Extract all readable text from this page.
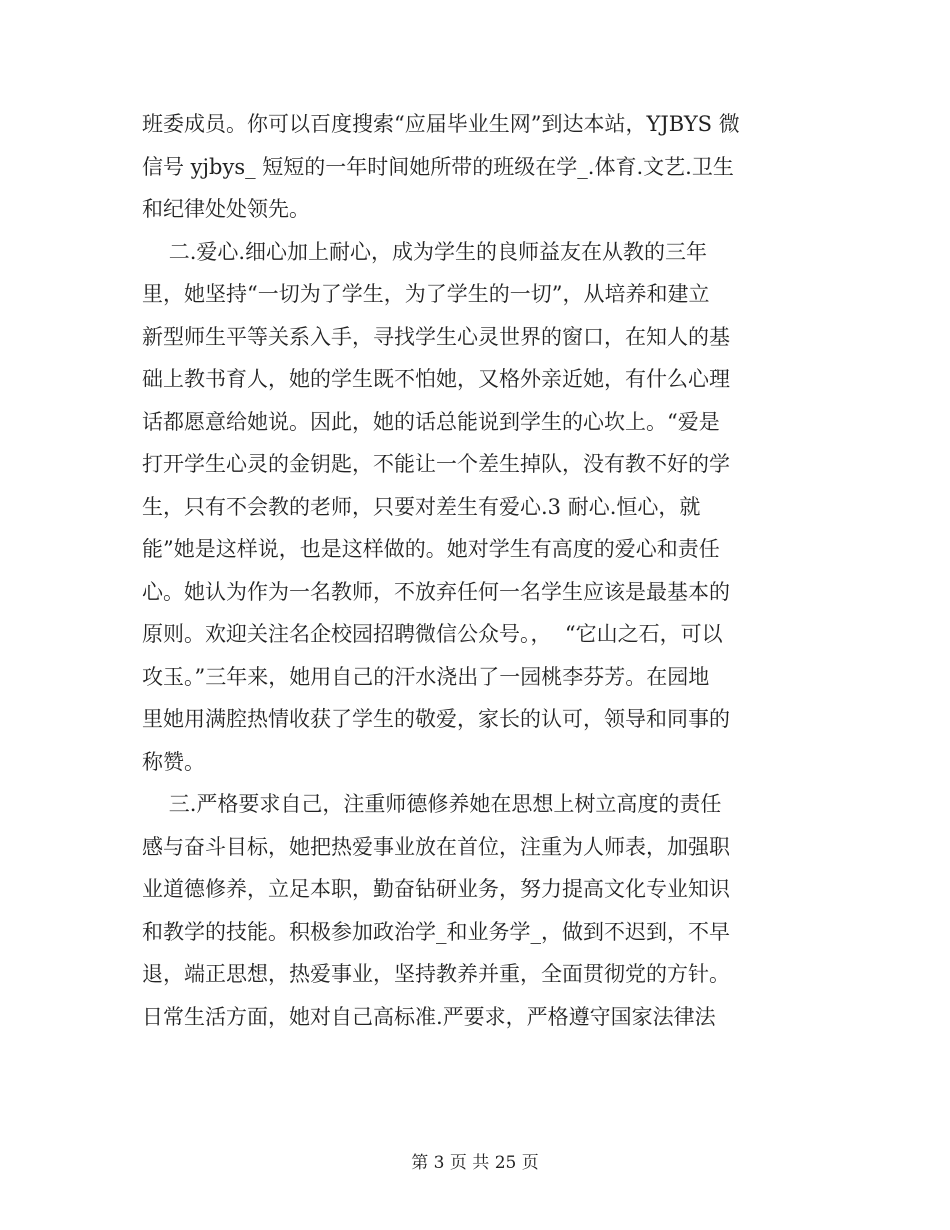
班委成员。你可以百度搜索“应届毕业生网”到达本站，YJBYS 微
信号 yjbys_ 短短的一年时间她所带的班级在学_.体育.文艺.卫生
和纪律处处领先。
二.爱心.细心加上耐心，成为学生的良师益友在从教的三年
里，她坚持“一切为了学生，为了学生的一切”，从培养和建立
新型师生平等关系入手，寻找学生心灵世界的窗口，在知人的基
础上教书育人，她的学生既不怕她，又格外亲近她，有什么心理
话都愿意给她说。因此，她的话总能说到学生的心坎上。“爱是
打开学生心灵的金钥匙，不能让一个差生掉队，没有教不好的学
生，只有不会教的老师，只要对差生有爱心.3 耐心.恒心，就
能”她是这样说，也是这样做的。她对学生有高度的爱心和责任
心。她认为作为一名教师，不放弃任何一名学生应该是最基本的
原则。欢迎关注名企校园招聘微信公众号。，  “它山之石，可以
攻玉。”三年来，她用自己的汗水浇出了一园桃李芬芳。在园地
里她用满腔热情收获了学生的敬爱，家长的认可，领导和同事的
称赞。
三.严格要求自己，注重师德修养她在思想上树立高度的责任
感与奋斗目标，她把热爱事业放在首位，注重为人师表，加强职
业道德修养，立足本职，勤奋钻研业务，努力提高文化专业知识
和教学的技能。积极参加政治学_和业务学_，做到不迟到，不早
退，端正思想，热爱事业，坚持教养并重，全面贯彻党的方针。
日常生活方面，她对自己高标准.严要求，严格遵守国家法律法
第 3 页 共 25 页
